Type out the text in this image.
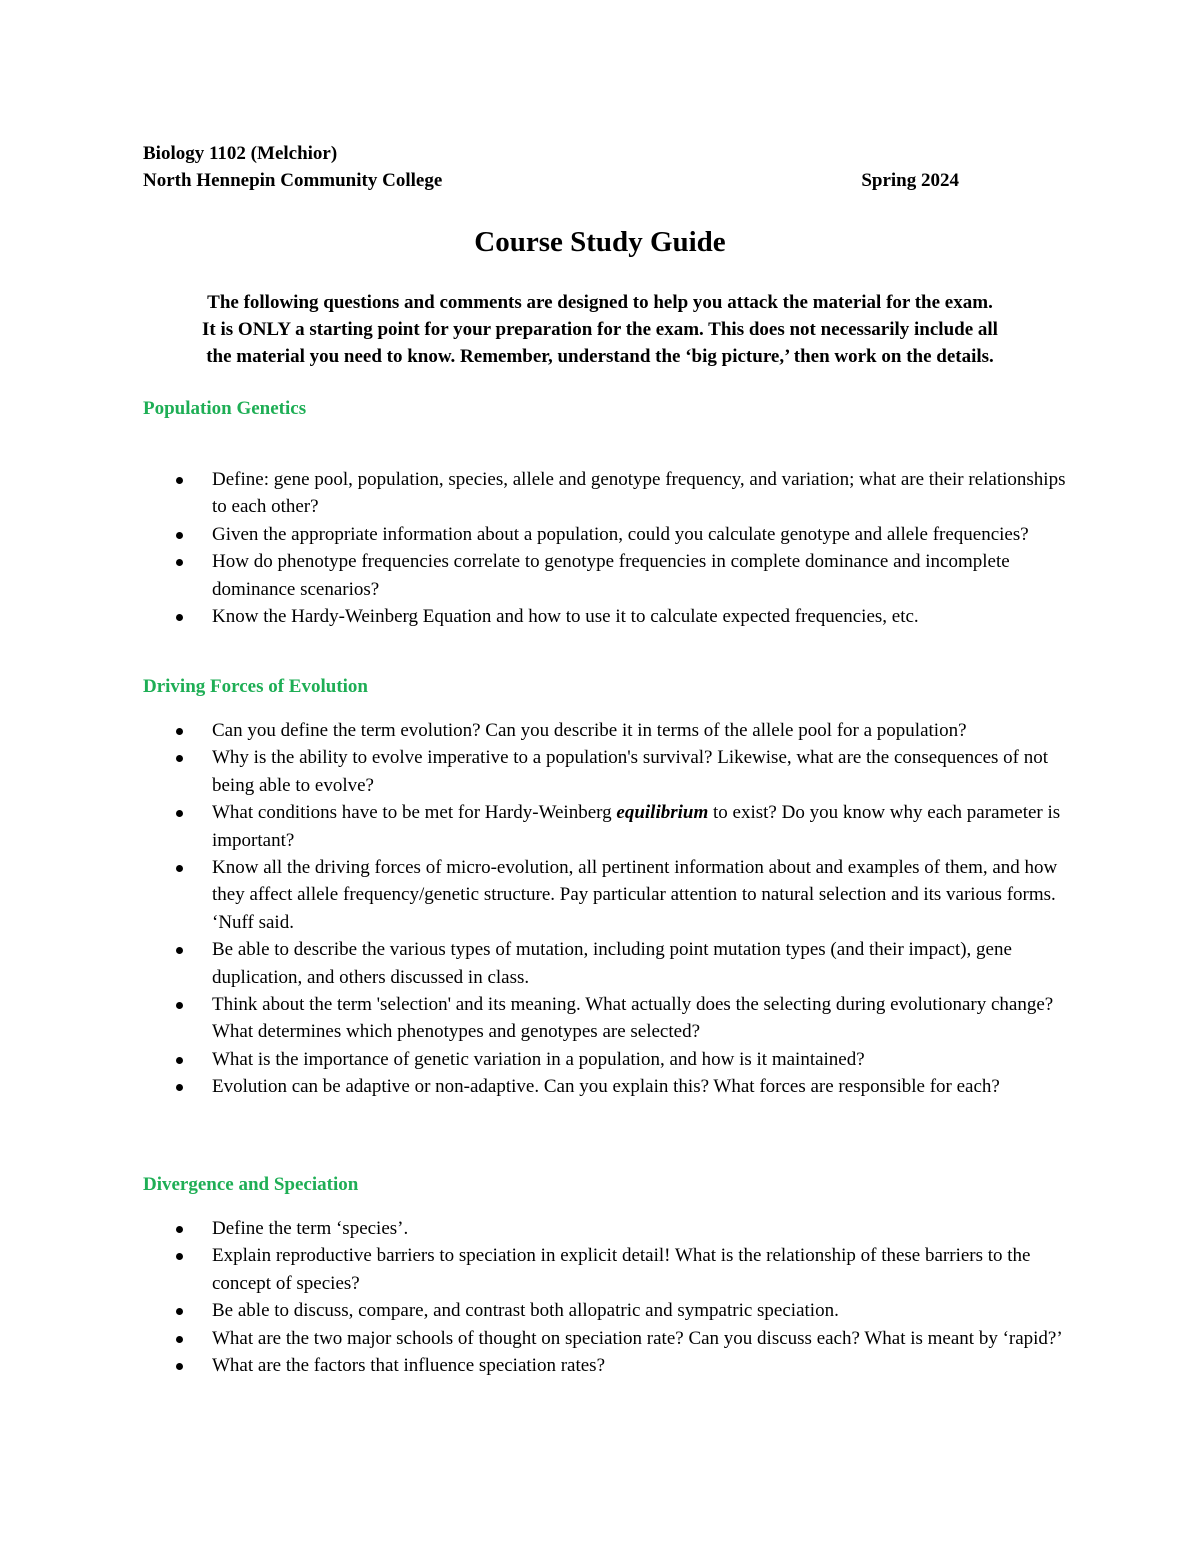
Biology 1102 (Melchior)
North Hennepin Community College	Spring 2024
Course Study Guide
The following questions and comments are designed to help you attack the material for the exam.
It is ONLY a starting point for your preparation for the exam. This does not necessarily include all
the material you need to know. Remember, understand the ‘big picture,’ then work on the details.
Population Genetics
Define: gene pool, population, species, allele and genotype frequency, and variation; what are their relationships to each other?
Given the appropriate information about a population, could you calculate genotype and allele frequencies?
How do phenotype frequencies correlate to genotype frequencies in complete dominance and incomplete dominance scenarios?
Know the Hardy-Weinberg Equation and how to use it to calculate expected frequencies, etc.
Driving Forces of Evolution
Can you define the term evolution? Can you describe it in terms of the allele pool for a population?
Why is the ability to evolve imperative to a population's survival? Likewise, what are the consequences of not being able to evolve?
What conditions have to be met for Hardy-Weinberg equilibrium to exist? Do you know why each parameter is important?
Know all the driving forces of micro-evolution, all pertinent information about and examples of them, and how they affect allele frequency/genetic structure. Pay particular attention to natural selection and its various forms. ‘Nuff said.
Be able to describe the various types of mutation, including point mutation types (and their impact), gene duplication, and others discussed in class.
Think about the term 'selection' and its meaning. What actually does the selecting during evolutionary change? What determines which phenotypes and genotypes are selected?
What is the importance of genetic variation in a population, and how is it maintained?
Evolution can be adaptive or non-adaptive. Can you explain this? What forces are responsible for each?
Divergence and Speciation
Define the term ‘species’.
Explain reproductive barriers to speciation in explicit detail! What is the relationship of these barriers to the concept of species?
Be able to discuss, compare, and contrast both allopatric and sympatric speciation.
What are the two major schools of thought on speciation rate? Can you discuss each? What is meant by ‘rapid?’
What are the factors that influence speciation rates?
